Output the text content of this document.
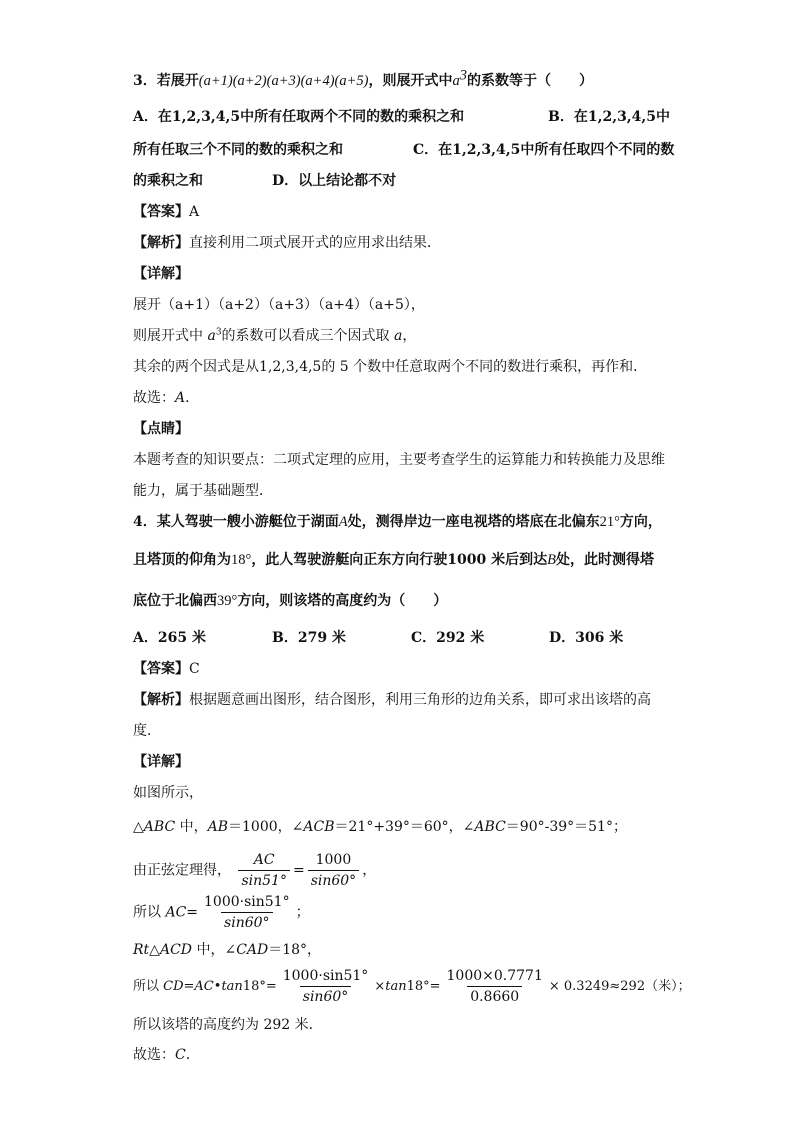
3．若展开(a+1)(a+2)(a+3)(a+4)(a+5)，则展开式中$a^3$的系数等于（　　）
A．在1,2,3,4,5中所有任取两个不同的数的乘积之和	B．在1,2,3,4,5中
所有任取三个不同的数的乘积之和	C．在1,2,3,4,5中所有任取四个不同的数
的乘积之和	D．以上结论都不对
【答案】A
【解析】直接利用二项式展开式的应用求出结果．
【详解】
展开（a+1）（a+2）（a+3）（a+4）（a+5），
则展开式中 $a^3$的系数可以看成三个因式取 a，
其余的两个因式是从1,2,3,4,5的 5 个数中任意取两个不同的数进行乘积，再作和．
故选：A．
【点睛】
本题考查的知识要点：二项式定理的应用，主要考查学生的运算能力和转换能力及思维
能力，属于基础题型．
4．某人驾驶一艘小游艇位于湖面A处，测得岸边一座电视塔的塔底在北偏东21°方向，
且塔顶的仰角为18°，此人驾驶游艇向正东方向行驶1000 米后到达B处，此时测得塔
底位于北偏西39°方向，则该塔的高度约为（　　）
A．265 米	B．279 米	C．292 米	D．306 米
【答案】C
【解析】根据题意画出图形，结合图形，利用三角形的边角关系，即可求出该塔的高
度．
【详解】
如图所示，
△ABC 中，AB＝1000，∠ACB＝21°+39°＝60°，∠ABC＝90°-39°＝51°；
由正弦定理得， $\frac{AC}{\sin 51^\circ} = \frac{1000}{\sin 60^\circ}$ ，
所以 $AC= \frac{1000\cdot\sin 51^\circ}{\sin 60^\circ}$ ；
Rt△ACD 中，∠CAD＝18°，
所以 CD=AC•tan18°= $\frac{1000\cdot\sin 51^\circ}{\sin 60^\circ} \times\tan 18^\circ= \frac{1000\times 0.7771}{0.8660} \times 0.3249\approx 292$（米）；
所以该塔的高度约为 292 米．
故选：C．
